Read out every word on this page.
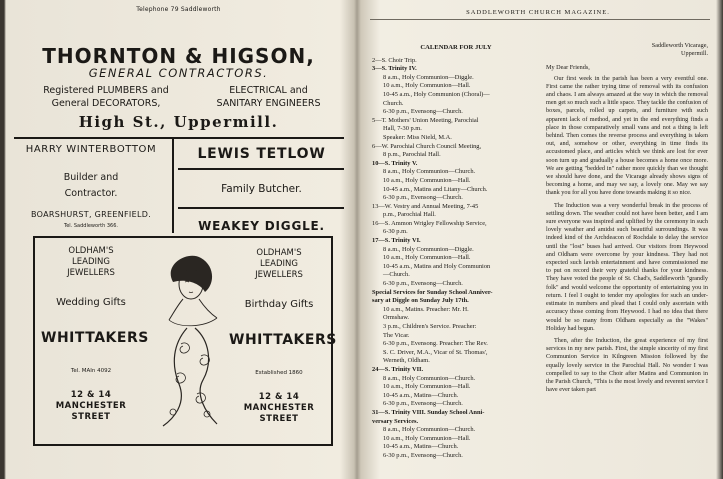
Telephone 79 Saddleworth
THORNTON & HIGSON,
GENERAL CONTRACTORS.
Registered PLUMBERS and
General DECORATORS,
ELECTRICAL and
SANITARY ENGINEERS
High St., Uppermill.
HARRY WINTERBOTTOM
Builder and
Contractor.
BOARSHURST, GREENFIELD.
Tel. Saddleworth 366.
LEWIS TETLOW
Family Butcher.
WEAKEY DIGGLE.
OLDHAM'S
LEADING
JEWELLERS
Wedding Gifts
WHITTAKERS
Tel. MAIn 4092
12 & 14
MANCHESTER
STREET
OLDHAM'S
LEADING
JEWELLERS
Birthday Gifts
WHITTAKERS
Established 1860
12 & 14
MANCHESTER
STREET
SADDLEWORTH CHURCH MAGAZINE.
CALENDAR FOR JULY
2—S. Choir Trip.
3—S. Trinity IV.
8 a.m., Holy Communion—Diggle.
10 a.m., Holy Communion—Hall.
10-45 a.m., Holy Communion (Choral)—
Church.
6-30 p.m., Evensong—Church.
5—T. Mothers' Union Meeting, Parochial
Hall, 7-30 p.m.
Speaker: Miss Nield, M.A.
6—W. Parochial Church Council Meeting,
8 p.m., Parochial Hall.
10—S. Trinity V.
8 a.m., Holy Communion—Church.
10 a.m., Holy Communion—Hall.
10-45 a.m., Matins and Litany—Church.
6-30 p.m., Evensong—Church.
13—W. Vestry and Annual Meeting, 7-45
p.m., Parochial Hall.
16—S. Ammon Wrigley Fellowship Service,
6-30 p.m.
17—S. Trinity VI.
8 a.m., Holy Communion—Diggle.
10 a.m., Holy Communion—Hall.
10-45 a.m., Matins and Holy Communion
—Church.
6-30 p.m., Evensong—Church.
Special Services for Sunday School Anniver-
sary at Diggle on Sunday July 17th.
10 a.m., Matins. Preacher: Mr. H.
Ormshaw.
3 p.m., Children's Service. Preacher:
The Vicar.
6-30 p.m., Evensong. Preacher: The Rev.
S. C. Driver, M.A., Vicar of St. Thomas',
Werneth, Oldham.
24—S. Trinity VII.
8 a.m., Holy Communion—Church.
10 a.m., Holy Communion—Hall.
10-45 a.m., Matins—Church.
6-30 p.m., Evensong—Church.
31—S. Trinity VIII. Sunday School Anni-
versary Services.
8 a.m., Holy Communion—Church.
10 a.m., Holy Communion—Hall.
10-45 a.m., Matins—Church.
6-30 p.m., Evensong—Church.
Saddleworth Vicarage,
Uppermill.
My Dear Friends,

Our first week in the parish has been a very eventful one. First came the rather trying time of removal with its confusion and chaos. I am always amazed at the way in which the removal men get so much such a little space. They tackle the confusion of boxes, parcels, rolled up carpets, and furniture with such apparent lack of method, and yet in the end everything finds a place in those comparatively small vans and not a thing is left behind. Then comes the reverse process and everything is taken out, and, somehow or other, everything in time finds its accustomed place, and articles which we think are lost for ever soon turn up and gradually a house becomes a home once more. We are getting "bedded in" rather more quickly than we thought we should have done, and the Vicarage already shows signs of becoming a home, and may we say, a lovely one. May we say thank you for all you have done towards making it so nice.

The Induction was a very wonderful break in the process of settling down. The weather could not have been better, and I am sure everyone was inspired and uplifted by the ceremony in such lovely weather and amidst such beautiful surroundings. It was indeed kind of the Archdeacon of Rochdale to delay the service until the "lost" buses had arrived. Our visitors from Heywood and Oldham were overcome by your kindness. They had not expected such lavish entertainment and have commissioned me to put on record their very grateful thanks for your kindness. They have voted the people of St. Chad's, Saddleworth "grandly folk" and would welcome the opportunity of entertaining you in return. I feel I ought to tender my apologies for such an under-estimate in numbers and plead that I could only ascertain with accuracy those coming from Heywood. I had no idea that there would be so many from Oldham especially as the "Wakes" Holiday had begun.

Then, after the Induction, the great experience of my first services in my new parish. First, the simple sincerity of my first Communion Service in Kilngreen Mission followed by the equally lovely service in the Parochial Hall. No wonder I was compelled to say to the Choir after Matins and Communion in the Parish Church, "This is the most lovely and reverent service I have ever taken part
